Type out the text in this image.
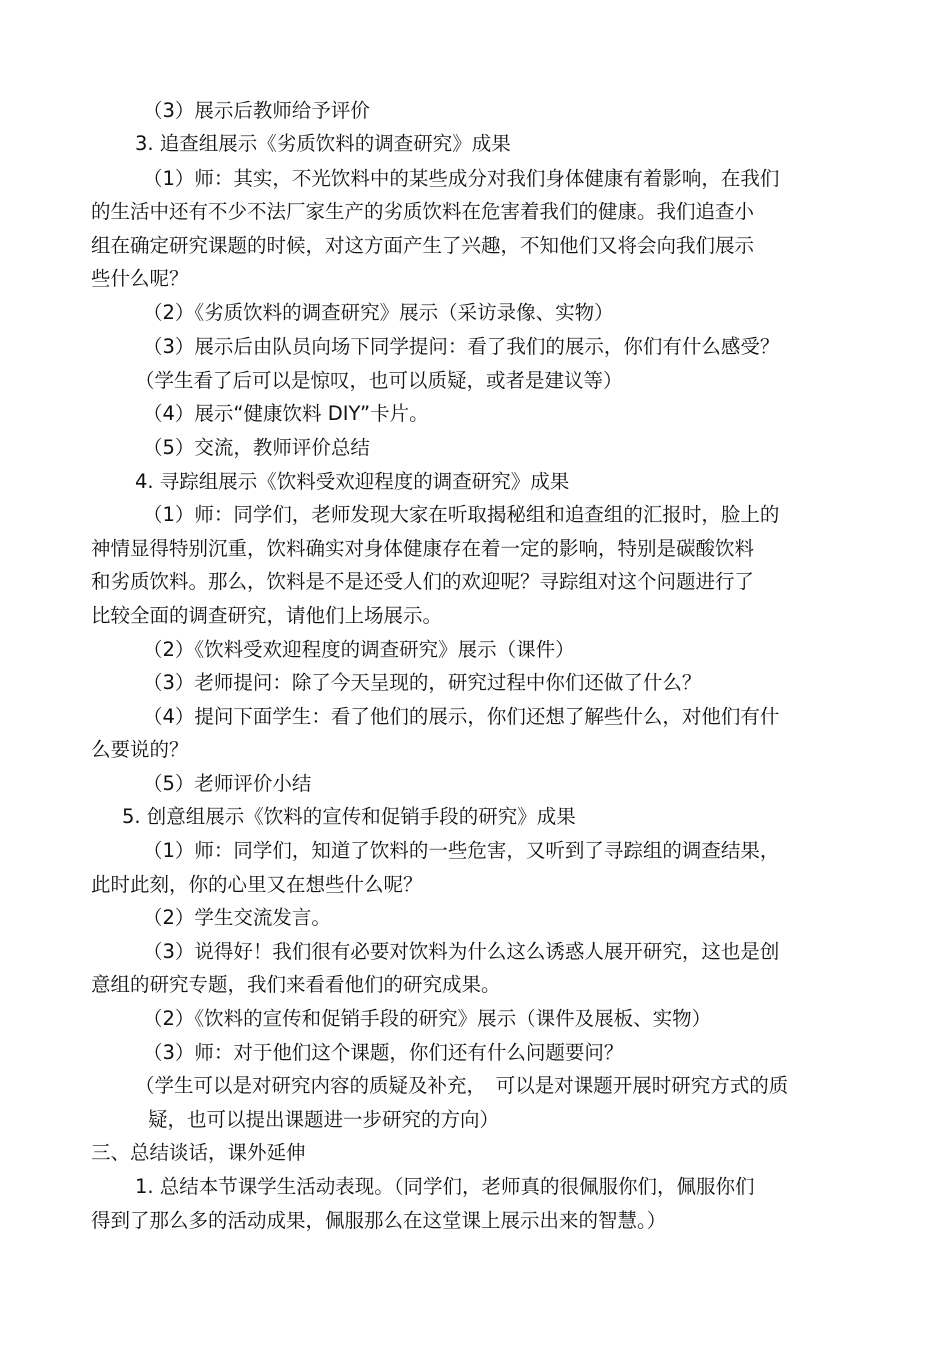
（3）展示后教师给予评价
3. 追查组展示《劣质饮料的调查研究》成果
（1）师：其实，不光饮料中的某些成分对我们身体健康有着影响，在我们
的生活中还有不少不法厂家生产的劣质饮料在危害着我们的健康。我们追查小
组在确定研究课题的时候，对这方面产生了兴趣，不知他们又将会向我们展示
些什么呢？
（2）《劣质饮料的调查研究》展示（采访录像、实物）
（3）展示后由队员向场下同学提问：看了我们的展示，你们有什么感受？
（学生看了后可以是惊叹，也可以质疑，或者是建议等）
（4）展示“健康饮料 DIY”卡片。
（5）交流，教师评价总结
4. 寻踪组展示《饮料受欢迎程度的调查研究》成果
（1）师：同学们，老师发现大家在听取揭秘组和追查组的汇报时，脸上的
神情显得特别沉重，饮料确实对身体健康存在着一定的影响，特别是碳酸饮料
和劣质饮料。那么，饮料是不是还受人们的欢迎呢？寻踪组对这个问题进行了
比较全面的调查研究，请他们上场展示。
（2）《饮料受欢迎程度的调查研究》展示（课件）
（3）老师提问：除了今天呈现的，研究过程中你们还做了什么？
（4）提问下面学生：看了他们的展示，你们还想了解些什么，对他们有什
么要说的？
（5）老师评价小结
5. 创意组展示《饮料的宣传和促销手段的研究》成果
（1）师：同学们，知道了饮料的一些危害，又听到了寻踪组的调查结果，
此时此刻，你的心里又在想些什么呢？
（2）学生交流发言。
（3）说得好！我们很有必要对饮料为什么这么诱惑人展开研究，这也是创
意组的研究专题，我们来看看他们的研究成果。
（2）《饮料的宣传和促销手段的研究》展示（课件及展板、实物）
（3）师：对于他们这个课题，你们还有什么问题要问？
（学生可以是对研究内容的质疑及补充，　可以是对课题开展时研究方式的质
疑，也可以提出课题进一步研究的方向）
三、总结谈话，课外延伸
1. 总结本节课学生活动表现。（同学们，老师真的很佩服你们，佩服你们
得到了那么多的活动成果，佩服那么在这堂课上展示出来的智慧。）
